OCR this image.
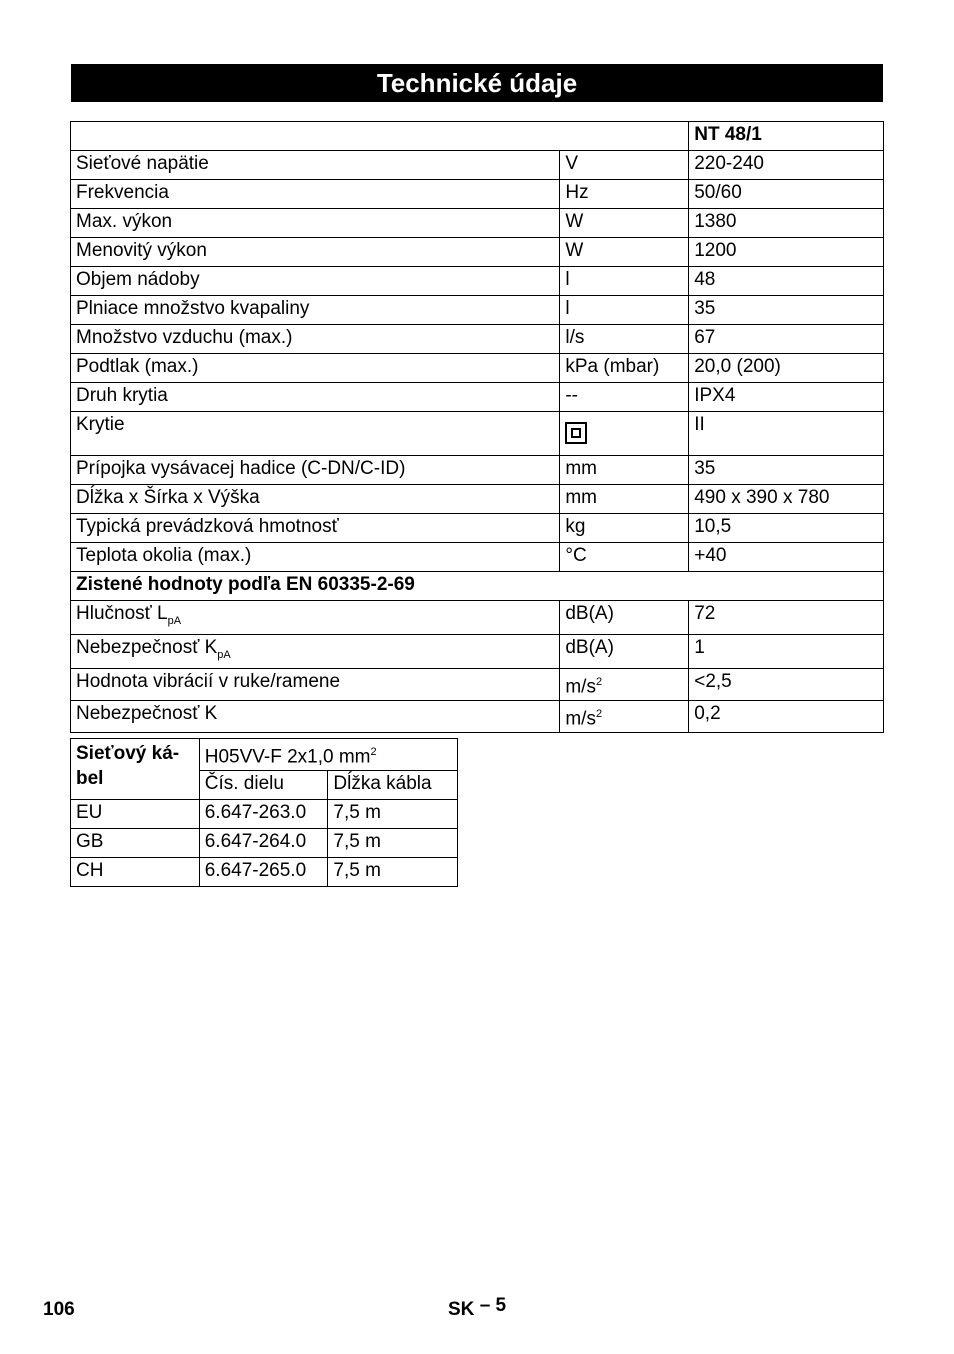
Technické údaje
		NT 48/1
Sieťové napätie	V	220-240
Frekvencia	Hz	50/60
Max. výkon	W	1380
Menovitý výkon	W	1200
Objem nádoby	l	48
Plniace množstvo kvapaliny	l	35
Množstvo vzduchu (max.)	l/s	67
Podtlak (max.)	kPa (mbar)	20,0 (200)
Druh krytia	--	IPX4
Krytie		II
Prípojka vysávacej hadice (C-DN/C-ID)	mm	35
Dĺžka x Šírka x Výška	mm	490 x 390 x 780
Typická prevádzková hmotnosť	kg	10,5
Teplota okolia (max.)	°C	+40
Zistené hodnoty podľa EN 60335-2-69		
Hlučnosť $L_{pA}$	dB(A)	72
Nebezpečnosť $K_{pA}$	dB(A)	1
Hodnota vibrácií v ruke/ramene	$m/s^2$	<2,5
Nebezpečnosť K	$m/s^2$	0,2
Sieťový ká-
bel	H05VV-F 2x1,0 $mm^2$
	Čís. dielu	Dĺžka kábla
EU	6.647-263.0	7,5 m
GB	6.647-264.0	7,5 m
CH	6.647-265.0	7,5 m
106	SK – 5
